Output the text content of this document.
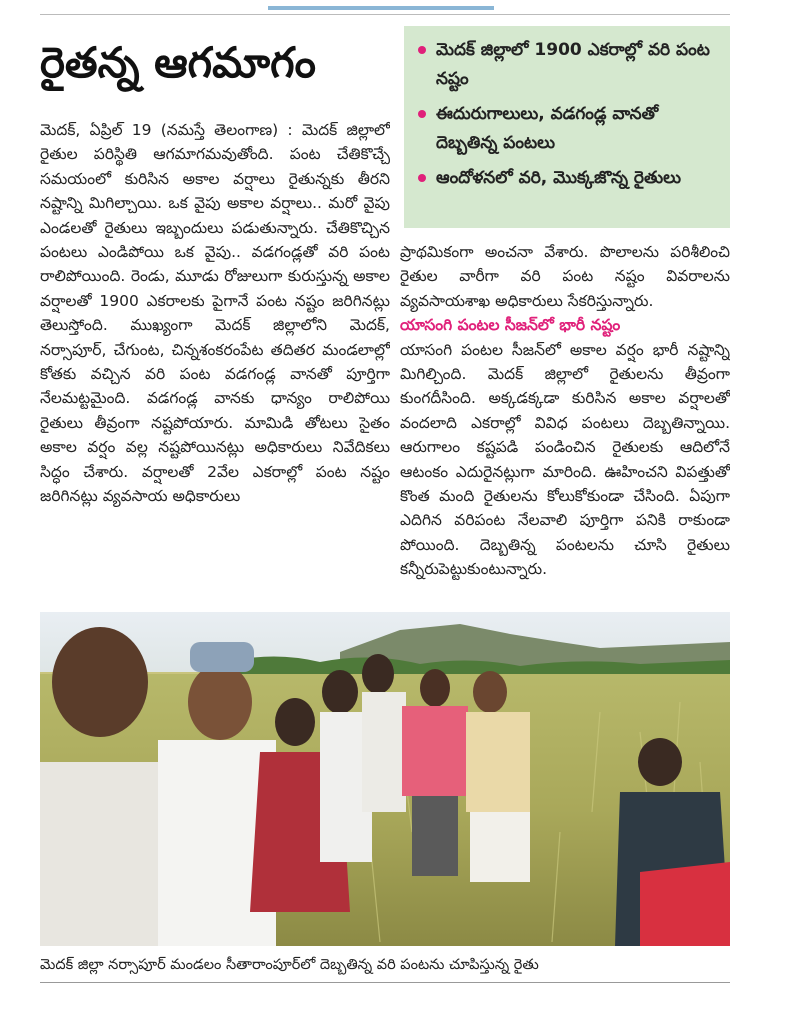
రైతన్న ఆగమాగం	మెదక్ జిల్లాలో 1900 ఎకరాల్లో వరి పంట నష్టం
ఈదురుగాలులు, వడగండ్ల వానతో దెబ్బతిన్న పంటలు
ఆందోళనలో వరి, మొక్కజొన్న రైతులు
మెదక్, ఏప్రిల్ 19 (నమస్తే తెలంగాణ) : మెదక్ జిల్లాలో రైతుల పరిస్థితి ఆగమాగమవుతోంది. పంట చేతికొచ్చే సమయంలో కురిసిన అకాల వర్షాలు రైతున్నకు తీరని నష్టాన్ని మిగిల్చాయి. ఒక వైపు అకాల వర్షాలు.. మరో వైపు ఎండలతో రైతులు ఇబ్బందులు పడుతున్నారు. చేతికొచ్చిన పంటలు ఎండిపోయి ఒక వైపు.. వడగండ్లతో వరి పంట రాలిపోయింది. రెండు, మూడు రోజులుగా కురుస్తున్న అకాల వర్షాలతో 1900 ఎకరాలకు పైగానే పంట నష్టం జరిగినట్లు తెలుస్తోంది. ముఖ్యంగా మెదక్ జిల్లాలోని మెదక్, నర్సాపూర్, చేగుంట, చిన్నశంకరంపేట తదితర మండలాల్లో కోతకు వచ్చిన వరి పంట వడగండ్ల వానతో పూర్తిగా నేలమట్టమైంది. వడగండ్ల వానకు ధాన్యం రాలిపోయి రైతులు తీవ్రంగా నష్టపోయారు. మామిడి తోటలు సైతం అకాల వర్షం వల్ల నష్టపోయినట్లు అధికారులు నివేదికలు సిద్ధం చేశారు. వర్షాలతో 2వేల ఎకరాల్లో పంట నష్టం జరిగినట్లు వ్యవసాయ అధికారులు
ప్రాథమికంగా అంచనా వేశారు. పొలాలను పరిశీలించి రైతుల వారీగా వరి పంట నష్టం వివరాలను వ్యవసాయశాఖ అధికారులు సేకరిస్తున్నారు.
యాసంగి పంటల సీజన్‌లో భారీ నష్టం
యాసంగి పంటల సీజన్‌లో అకాల వర్షం భారీ నష్టాన్ని మిగిల్చింది. మెదక్ జిల్లాలో రైతులను తీవ్రంగా కుంగదీసింది. అక్కడక్కడా కురిసిన అకాల వర్షాలతో వందలాది ఎకరాల్లో వివిధ పంటలు దెబ్బతిన్నాయి. ఆరుగాలం కష్టపడి పండించిన రైతులకు ఆదిలోనే ఆటంకం ఎదురైనట్లుగా మారింది. ఊహించని విపత్తుతో కొంత మంది రైతులను కోలుకోకుండా చేసింది. ఏపుగా ఎదిగిన వరిపంట నేలవాలి పూర్తిగా పనికి రాకుండా పోయింది. దెబ్బతిన్న పంటలను చూసి రైతులు కన్నీరుపెట్టుకుంటున్నారు.
మెదక్ జిల్లా నర్సాపూర్ మండలం సీతారాంపూర్‌లో దెబ్బతిన్న వరి పంటను చూపిస్తున్న రైతు
